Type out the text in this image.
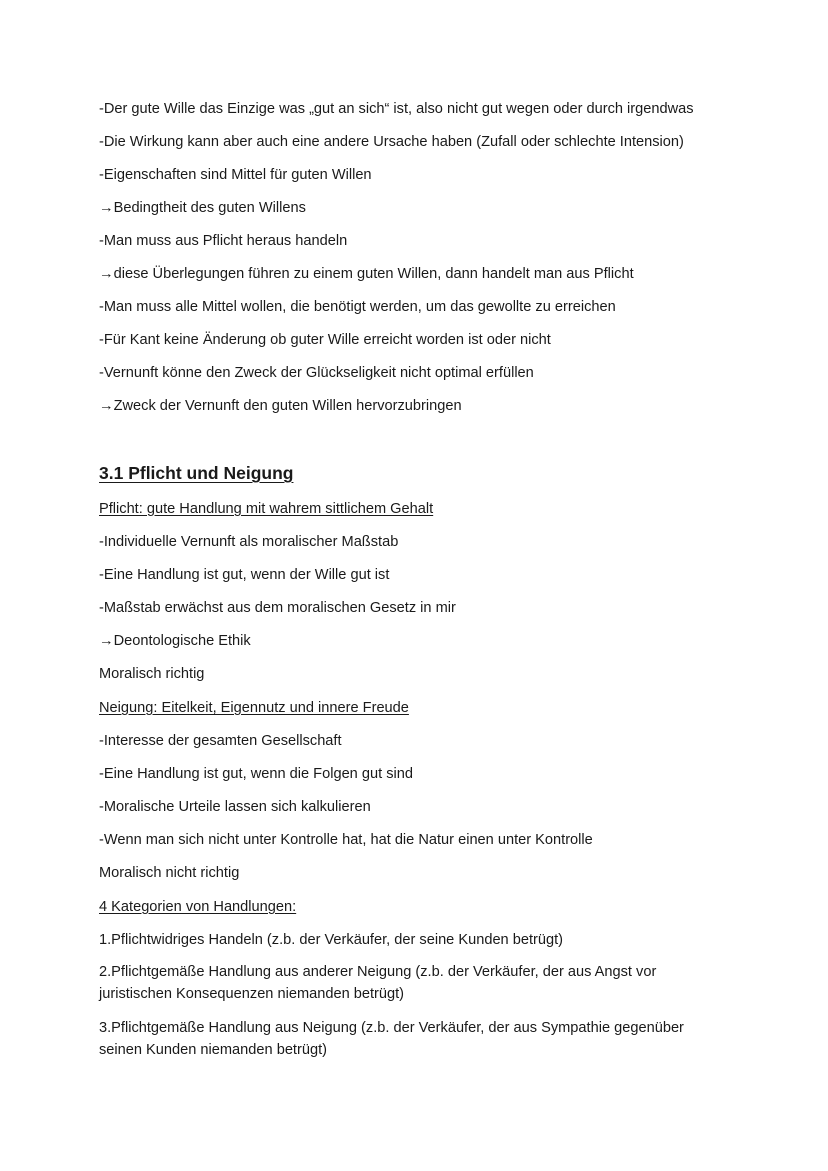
-Der gute Wille das Einzige was „gut an sich“ ist, also nicht gut wegen oder durch irgendwas
-Die Wirkung kann aber auch eine andere Ursache haben (Zufall oder schlechte Intension)
-Eigenschaften sind Mittel für guten Willen
→Bedingtheit des guten Willens
-Man muss aus Pflicht heraus handeln
→diese Überlegungen führen zu einem guten Willen, dann handelt man aus Pflicht
-Man muss alle Mittel wollen, die benötigt werden, um das gewollte zu erreichen
-Für Kant keine Änderung ob guter Wille erreicht worden ist oder nicht
-Vernunft könne den Zweck der Glückseligkeit nicht optimal erfüllen
→Zweck der Vernunft den guten Willen hervorzubringen
3.1 Pflicht und Neigung
Pflicht: gute Handlung mit wahrem sittlichem Gehalt
-Individuelle Vernunft als moralischer Maßstab
-Eine Handlung ist gut, wenn der Wille gut ist
-Maßstab erwächst aus dem moralischen Gesetz in mir
→Deontologische Ethik
Moralisch richtig
Neigung: Eitelkeit, Eigennutz und innere Freude
-Interesse der gesamten Gesellschaft
-Eine Handlung ist gut, wenn die Folgen gut sind
-Moralische Urteile lassen sich kalkulieren
-Wenn man sich nicht unter Kontrolle hat, hat die Natur einen unter Kontrolle
Moralisch nicht richtig
4 Kategorien von Handlungen:
1.Pflichtwidriges Handeln (z.b. der Verkäufer, der seine Kunden betrügt)
2.Pflichtgemäße Handlung aus anderer Neigung (z.b. der Verkäufer, der aus Angst vor juristischen Konsequenzen niemanden betrügt)
3.Pflichtgemäße Handlung aus Neigung (z.b. der Verkäufer, der aus Sympathie gegenüber seinen Kunden niemanden betrügt)
